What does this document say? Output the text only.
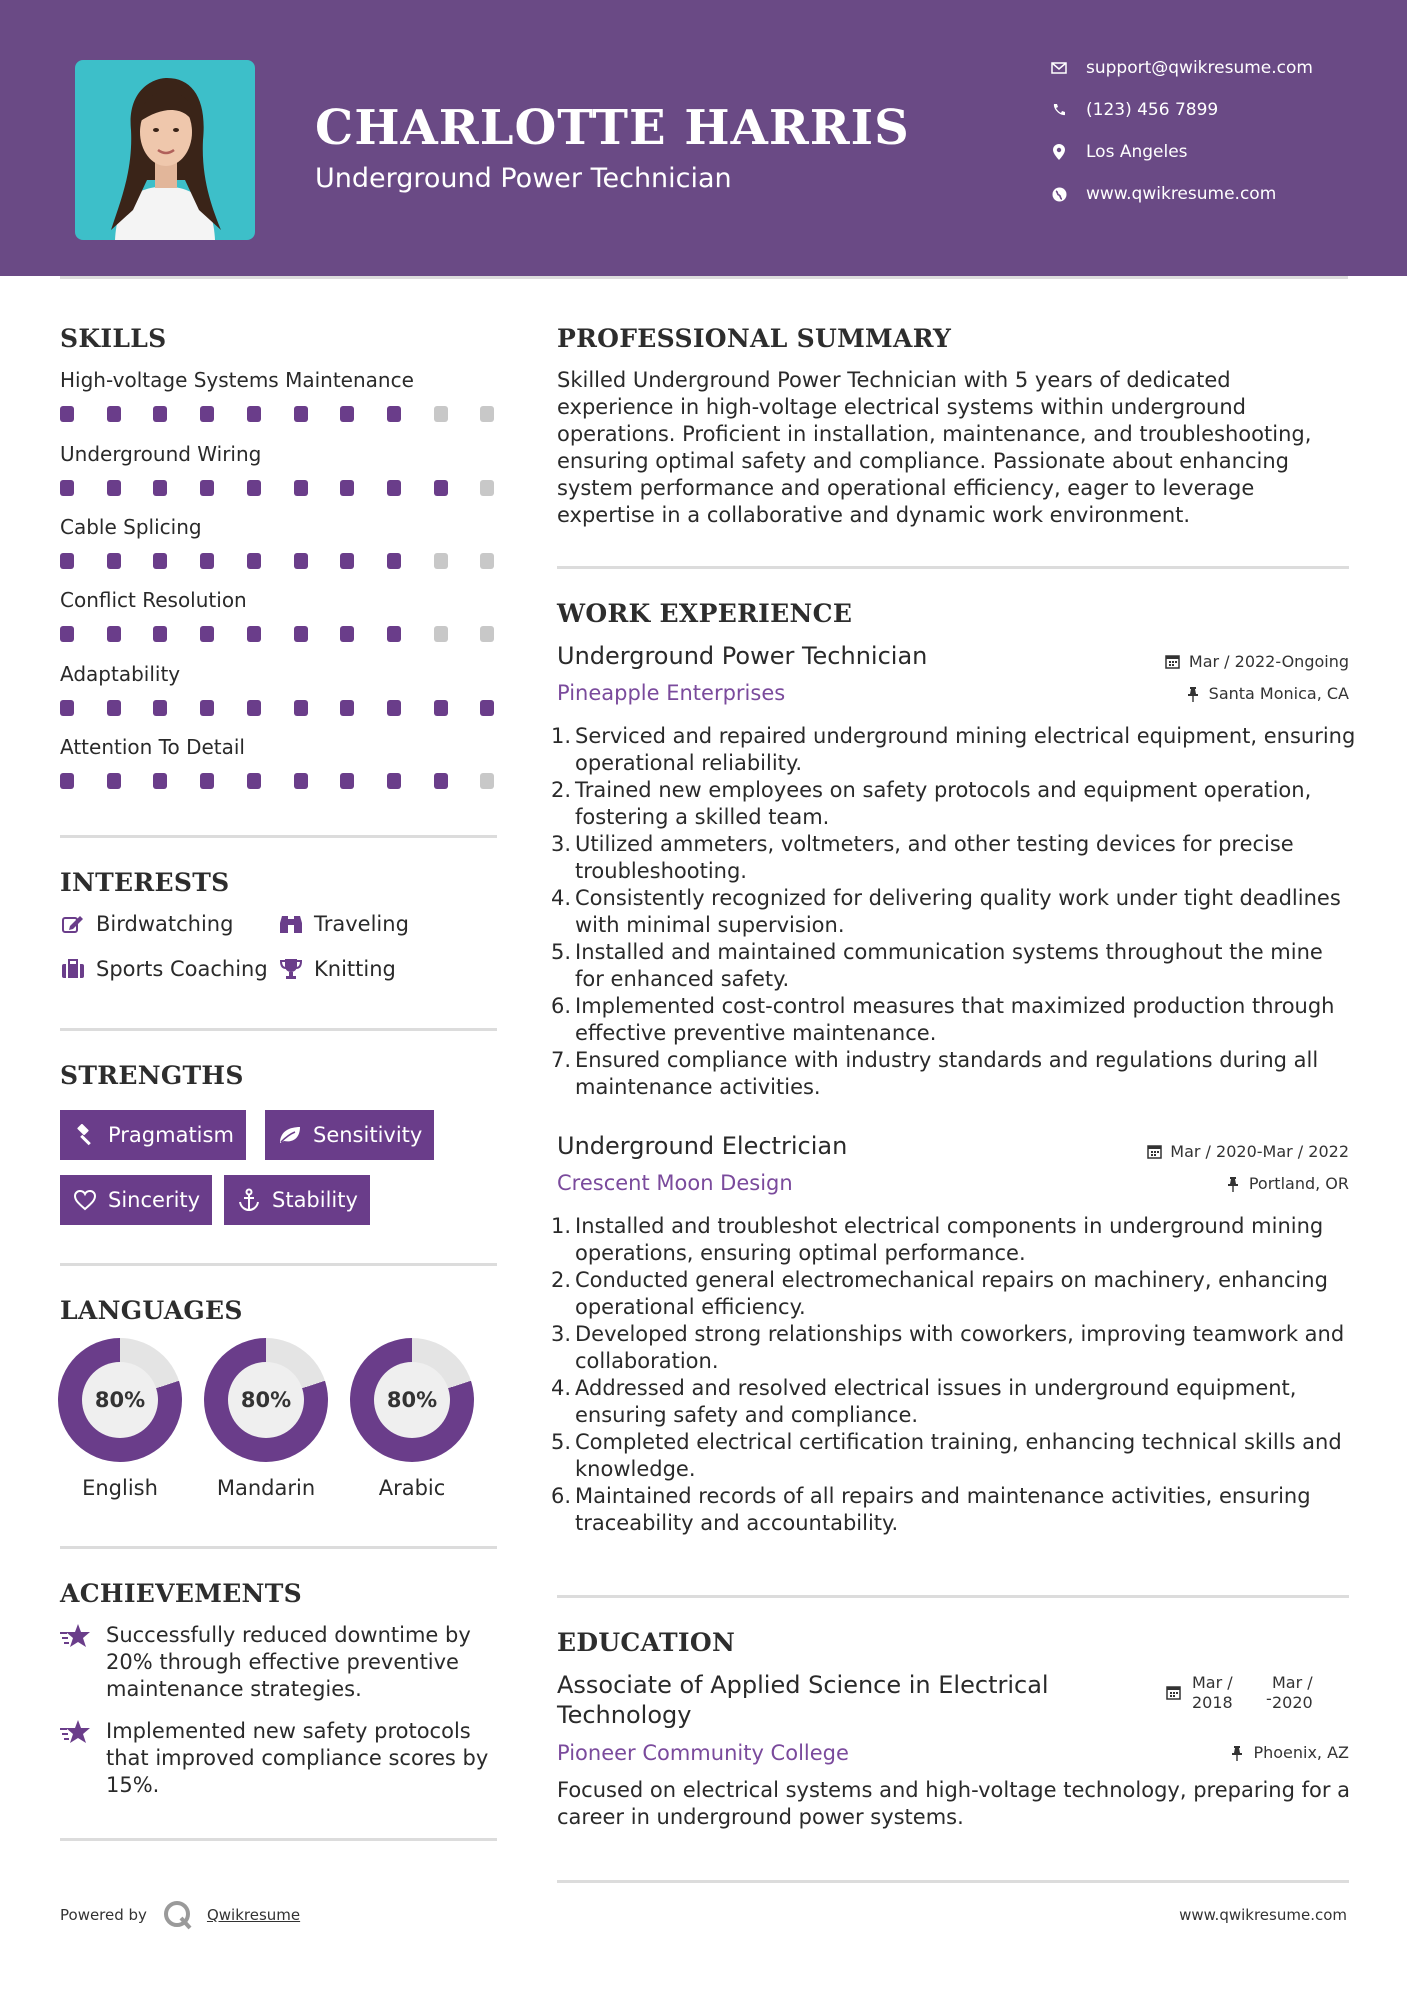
CHARLOTTE HARRIS
Underground Power Technician
support@qwikresume.com
(123) 456 7899
Los Angeles
www.qwikresume.com
SKILLS
High-voltage Systems Maintenance
Underground Wiring
Cable Splicing
Conflict Resolution
Adaptability
Attention To Detail
INTERESTS
Birdwatching	Traveling
Sports Coaching Knitting
STRENGTHS
Pragmatism	Sensitivity
Sincerity	Stability
LANGUAGES
80%
English
80%
Mandarin
80%
Arabic
ACHIEVEMENTS
Successfully reduced downtime by 20% through effective preventive maintenance strategies.
Implemented new safety protocols that improved compliance scores by 15%.
PROFESSIONAL SUMMARY
Skilled Underground Power Technician with 5 years of dedicated experience in high-voltage electrical systems within underground operations. Proficient in installation, maintenance, and troubleshooting, ensuring optimal safety and compliance. Passionate about enhancing system performance and operational efficiency, eager to leverage expertise in a collaborative and dynamic work environment.
WORK EXPERIENCE
Underground Power Technician	Mar / 2022-Ongoing
Pineapple Enterprises	Santa Monica, CA
1. Serviced and repaired underground mining electrical equipment, ensuring operational reliability.
2. Trained new employees on safety protocols and equipment operation, fostering a skilled team.
3. Utilized ammeters, voltmeters, and other testing devices for precise troubleshooting.
4. Consistently recognized for delivering quality work under tight deadlines with minimal supervision.
5. Installed and maintained communication systems throughout the mine for enhanced safety.
6. Implemented cost-control measures that maximized production through effective preventive maintenance.
7. Ensured compliance with industry standards and regulations during all maintenance activities.
Underground Electrician	Mar / 2020-Mar / 2022
Crescent Moon Design	Portland, OR
1. Installed and troubleshot electrical components in underground mining operations, ensuring optimal performance.
2. Conducted general electromechanical repairs on machinery, enhancing operational efficiency.
3. Developed strong relationships with coworkers, improving teamwork and collaboration.
4. Addressed and resolved electrical issues in underground equipment, ensuring safety and compliance.
5. Completed electrical certification training, enhancing technical skills and knowledge.
6. Maintained records of all repairs and maintenance activities, ensuring traceability and accountability.
EDUCATION
Associate of Applied Science in Electrical
Technology
Mar /
2018 -
Mar /
2020
Pioneer Community College	Phoenix, AZ
Focused on electrical systems and high-voltage technology, preparing for a career in underground power systems.
Powered by	Qwikresume	www.qwikresume.com
